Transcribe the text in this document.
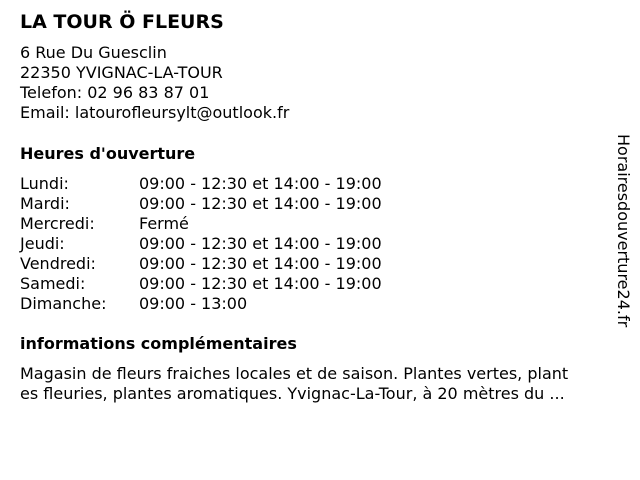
LA TOUR Ö FLEURS
6 Rue Du Guesclin
22350 YVIGNAC-LA-TOUR
Telefon: 02 96 83 87 01
Email: latourofleursylt@outlook.fr
Heures d'ouverture
Lundi:	09:00 - 12:30 et 14:00 - 19:00
Mardi:	09:00 - 12:30 et 14:00 - 19:00
Mercredi:	Fermé
Jeudi:	09:00 - 12:30 et 14:00 - 19:00
Vendredi:	09:00 - 12:30 et 14:00 - 19:00
Samedi:	09:00 - 12:30 et 14:00 - 19:00
Dimanche: 09:00 - 13:00
informations complémentaires
Magasin de fleurs fraiches locales et de saison. Plantes vertes, plant
es fleuries, plantes aromatiques. Yvignac-La-Tour, à 20 mètres du ...
Horairesdouverture24.fr
